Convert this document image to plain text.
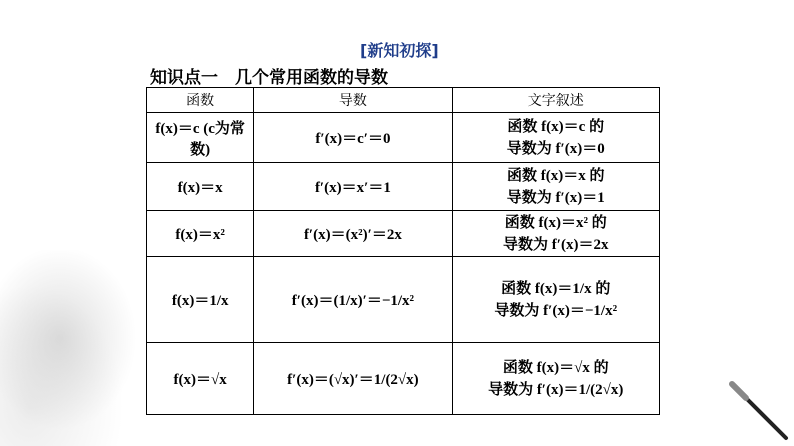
[新知初探]
知识点一　几个常用函数的导数
函数	导数	文字叙述
f(x)＝c (c为常数)	f′(x)＝c′＝0	函数 f(x)＝c 的
导数为 f′(x)＝0

f(x)＝x	f′(x)＝x′＝1	函数 f(x)＝x 的
导数为 f′(x)＝1

f(x)＝x²	f′(x)＝(x²)′＝2x	函数 f(x)＝x² 的
导数为 f′(x)＝2x

f(x)＝1/x	f′(x)＝(1/x)′＝−1/x²	函数 f(x)＝1/x 的
导数为 f′(x)＝−1/x²

f(x)＝√x	f′(x)＝(√x)′＝1/(2√x)	函数 f(x)＝√x 的
导数为 f′(x)＝1/(2√x)
